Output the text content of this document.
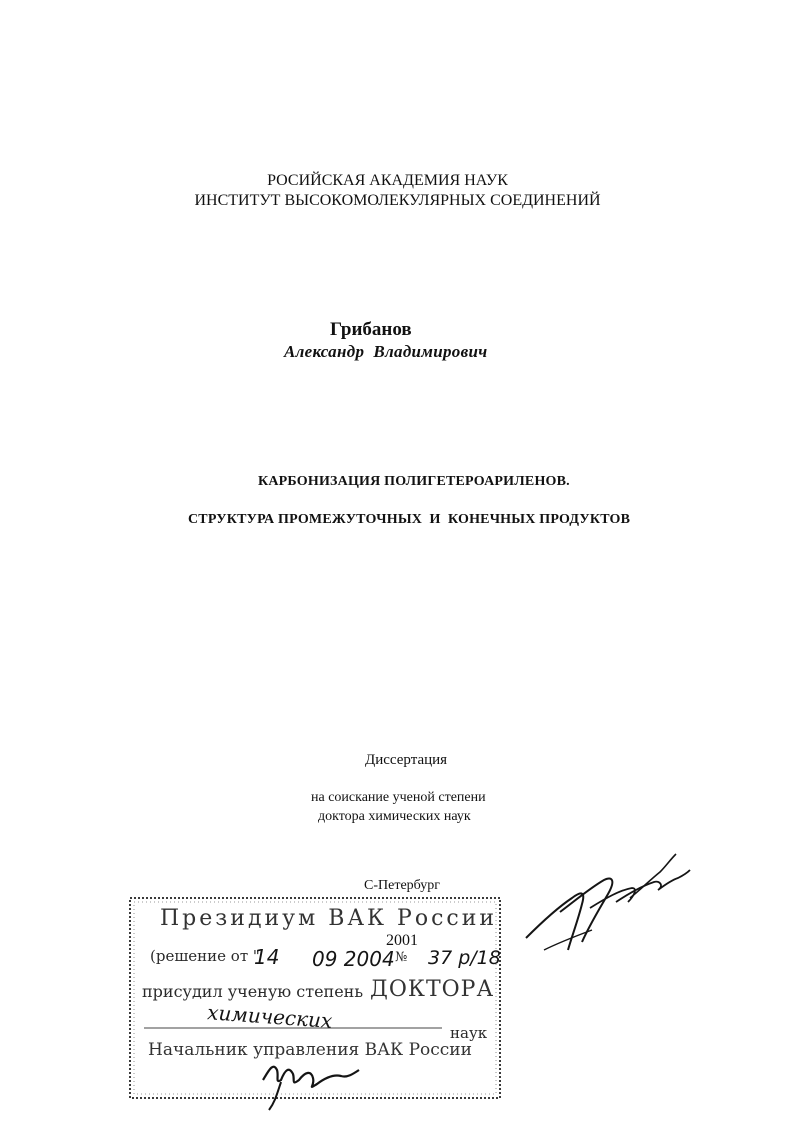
РОСИЙСКАЯ АКАДЕМИЯ НАУК
ИНСТИТУТ ВЫСОКОМОЛЕКУЛЯРНЫХ СОЕДИНЕНИЙ
Грибанов
Александр  Владимирович
КАРБОНИЗАЦИЯ ПОЛИГЕТЕРОАРИЛЕНОВ.
СТРУКТУРА ПРОМЕЖУТОЧНЫХ  И  КОНЕЧНЫХ ПРОДУКТОВ
Диссертация
на соискание ученой степени
доктора химических наук
С-Петербург
2001
Президиум ВАК России
(решение от "	№
присудил ученую степень ДОКТОРА
наук
Начальник управления ВАК России
14 09 2004 37 р/18
химических
